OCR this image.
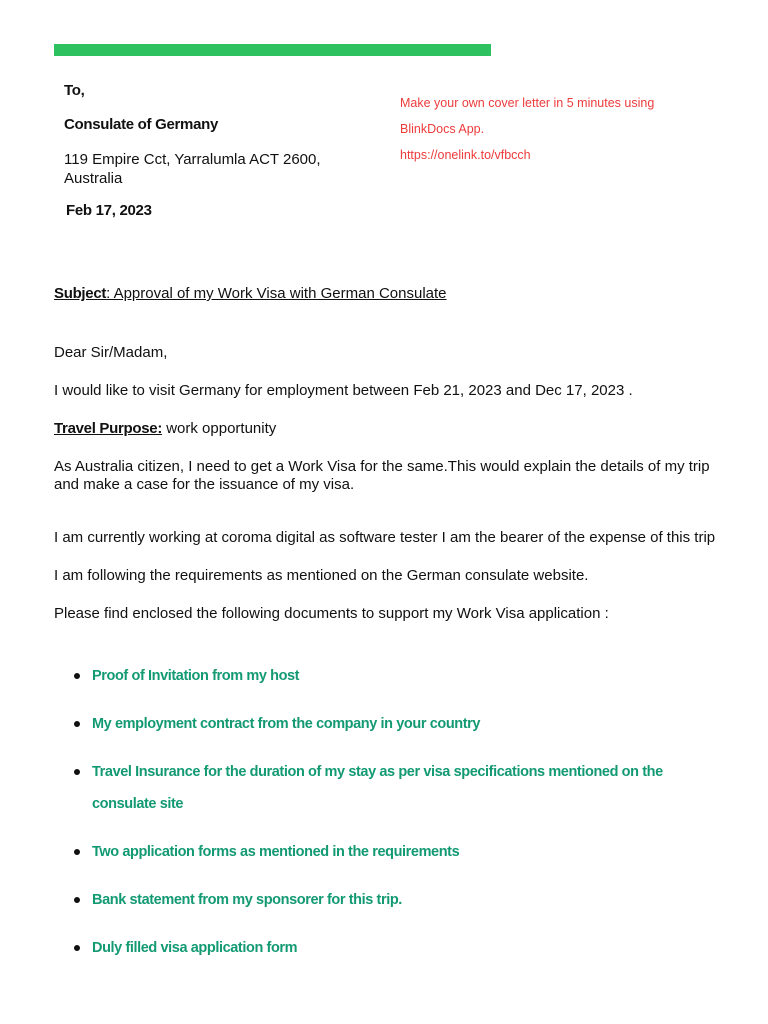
To,
Consulate of Germany
119 Empire Cct, Yarralumla ACT 2600, Australia
Feb 17, 2023
Make your own cover letter in 5 minutes using
BlinkDocs App.
https://onelink.to/vfbcch
Subject: Approval of my Work Visa with German Consulate
Dear Sir/Madam,
I would like to visit Germany for employment between Feb 21, 2023 and Dec 17, 2023 .
Travel Purpose: work opportunity
As Australia citizen, I need to get a Work Visa for the same.This would explain the details of my trip and make a case for the issuance of my visa.
I am currently working at coroma digital as software tester I am the bearer of the expense of this trip
I am following the requirements as mentioned on the German consulate website.
Please find enclosed the following documents to support my Work Visa application :
Proof of Invitation from my host
My employment contract from the company in your country
Travel Insurance for the duration of my stay as per visa specifications mentioned on the consulate site
Two application forms as mentioned in the requirements
Bank statement from my sponsorer for this trip.
Duly filled visa application form
